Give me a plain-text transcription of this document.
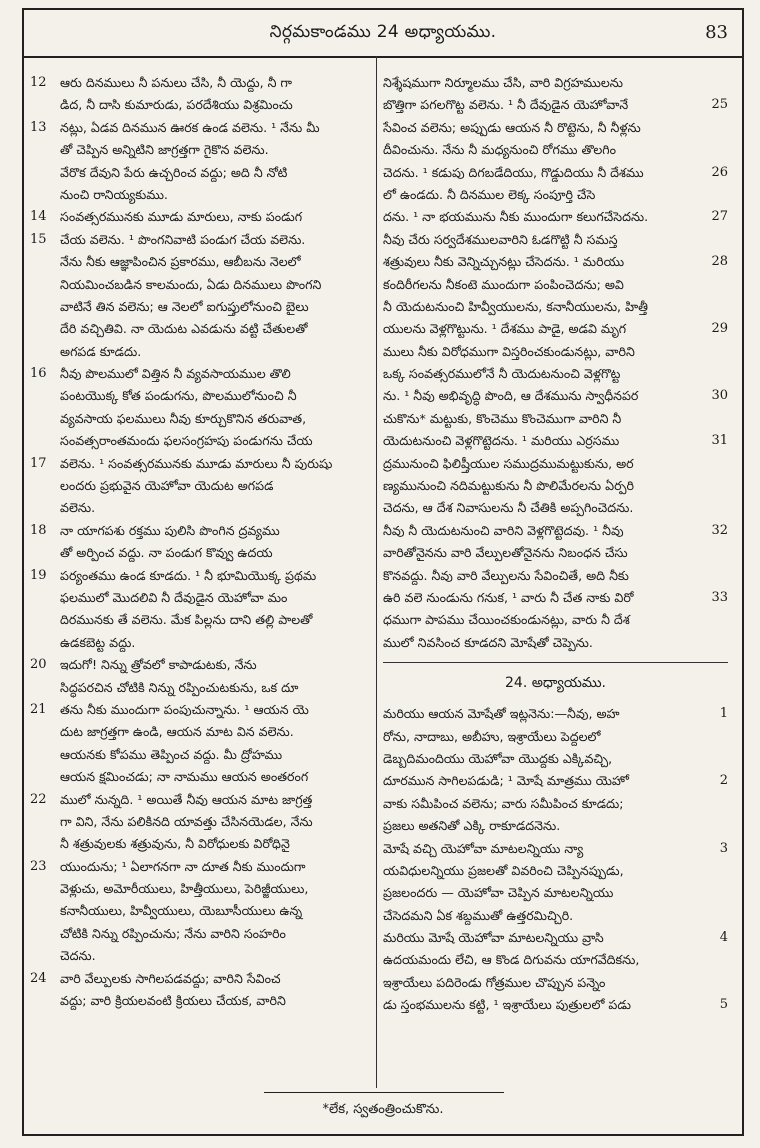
నిర్గమకాండము 24 అధ్యాయము.	83
12 ఆరు దినములు నీ పనులు చేసి, నీ యెద్దు, నీ గా
డిద, నీ దాసి కుమారుడు, పరదేశియు విశ్రమించు
13 నట్లు, ఏడవ దినమున ఊరక ఉండ వలెను. ¹ నేను మీ
తో చెప్పిన అన్నిటిని జాగ్రత్తగా గైకొన వలెను.
వేరొక దేవుని పేరు ఉచ్చరించ వద్దు; అది నీ నోటి
నుంచి రానియ్యకుము.
14 సంవత్సరమునకు మూడు మారులు, నాకు పండుగ
15 చేయ వలెను. ¹ పొంగనివాటి పండుగ చేయ వలెను.
నేను నీకు ఆజ్ఞాపించిన ప్రకారము, ఆబీబను నెలలో
నియమించబడిన కాలమందు, ఏడు దినములు పొంగని
వాటినే తిన వలెను; ఆ నెలలో ఐగుప్తులోనుంచి బైలు
దేరి వచ్చితివి. నా యెదుట ఎవడును వట్టి చేతులతో
అగపడ కూడదు.
16 నీవు పొలములో విత్తిన నీ వ్యవసాయముల తొలి
పంటయొక్క కోత పండుగను, పొలములోనుంచి నీ
వ్యవసాయ ఫలములు నీవు కూర్చుకొనిన తరువాత,
సంవత్సరాంతమందు ఫలసంగ్రహపు పండుగను చేయ
17 వలెను. ¹ సంవత్సరమునకు మూడు మారులు నీ పురుషు
లందరు ప్రభువైన యెహోవా యెదుట అగపడ
వలెను.
18 నా యాగపశు రక్తము పులిసి పొంగిన ద్రవ్యము
తో అర్పించ వద్దు. నా పండుగ కొవ్వు ఉదయ
19 పర్యంతము ఉండ కూడదు. ¹ నీ భూమియొక్క ప్రథమ
ఫలములో మొదలివి నీ దేవుడైన యెహోవా మం
దిరమునకు తే వలెను. మేక పిల్లను దాని తల్లి పాలతో
ఉడకబెట్ట వద్దు.
20 ఇదుగో! నిన్ను త్రోవలో కాపాడుటకు, నేను
సిద్ధపరచిన చోటికి నిన్ను రప్పించుటకును, ఒక దూ
21 తను నీకు ముందుగా పంపుచున్నాను. ¹ ఆయన యె
దుట జాగ్రత్తగా ఉండి, ఆయన మాట విన వలెను.
ఆయనకు కోపము తెప్పించ వద్దు. మీ ద్రోహము
ఆయన క్షమించడు; నా నామము ఆయన అంతరంగ
22 ములో నున్నది. ¹ అయితే నీవు ఆయన మాట జాగ్రత్త
గా విని, నేను పలికినది యావత్తు చేసినయెడల, నేను
నీ శత్రువులకు శత్రువును, నీ విరోధులకు విరోధినై
23 యుందును; ¹ ఏలాగనగా నా దూత నీకు ముందుగా
వెళ్లుచు, అమోరీయులు, హిత్తీయులు, పెరిజ్జీయులు,
కనానీయులు, హివ్వీయులు, యెబూసీయులు ఉన్న
చోటికి నిన్ను రప్పించును; నేను వారిని సంహరిం
చెదను.
24 వారి వేల్పులకు సాగిలపడవద్దు; వారిని సేవించ
వద్దు; వారి క్రియలవంటి క్రియలు చేయక, వారిని
నిశ్శేషముగా నిర్మూలము చేసి, వారి విగ్రహములను
25
బొత్తిగా పగలగొట్ట వలెను. ¹ నీ దేవుడైన యెహోవానే
సేవించ వలెను; అప్పుడు ఆయన నీ రొట్టెను, నీ నీళ్లను
దీవించును. నేను నీ మధ్యనుంచి రోగము తొలగిం
26
చెదను. ¹ కడుపు దిగబడేదియు, గొడ్డుదియు నీ దేశము
లో ఉండదు. నీ దినముల లెక్క సంపూర్తి చేసె
27
దను. ¹ నా భయమును నీకు ముందుగా కలుగచేసెదను.
నీవు చేరు సర్వదేశములవారిని ఓడగొట్టి నీ సమస్త
28
శత్రువులు నీకు వెన్నిచ్చునట్లు చేసెదను. ¹ మరియు
కందిరీగలను నీకంటె ముందుగా పంపించెదను; అవి
నీ యెదుటనుంచి హివ్వీయులను, కనానీయులను, హిత్తీ
29
యులను వెళ్లగొట్టును. ¹ దేశము పాడై, అడవి మృగ
ములు నీకు విరోధముగా విస్తరించకుండునట్లు, వారిని
ఒక్క సంవత్సరములోనే నీ యెదుటనుంచి వెళ్లగొట్ట
30
ను. ¹ నీవు అభివృద్ధి పొంది, ఆ దేశమును స్వాధీనపర
చుకొను* మట్టుకు, కొంచెము కొంచెముగా వారిని నీ
31
యెదుటనుంచి వెళ్లగొట్టెదను. ¹ మరియు ఎర్రసము
ద్రమునుంచి ఫిలిష్తీయుల సముద్రముమట్టుకును, అర
ణ్యమునుంచి నదిమట్టుకును నీ పొలిమేరలను ఏర్పరి
చెదను, ఆ దేశ నివాసులను నీ చేతికి అప్పగించెదను.
32
నీవు నీ యెదుటనుంచి వారిని వెళ్లగొట్టెదవు. ¹ నీవు
వారితోనైనను వారి వేల్పులతోనైనను నిబంధన చేసు
కొనవద్దు. నీవు వారి వేల్పులను సేవించితే, అది నీకు
33
ఉరి వలె నుండును గనుక, ¹ వారు నీ చేత నాకు విరో
ధముగా పాపము చేయించకుండునట్లు, వారు నీ దేశ
ములో నివసించ కూడదని మోషేతో చెప్పెను.
24. అధ్యాయము.
1
మరియు ఆయన మోషేతో ఇట్లనెను:—నీవు, అహ
రోను, నాదాబు, అబీహు, ఇశ్రాయేలు పెద్దలలో
డెబ్బదిమందియు యెహోవా యొద్దకు ఎక్కివచ్చి,
2
దూరమున సాగిలపడుడి; ¹ మోషే మాత్రము యెహో
వాకు సమీపించ వలెను; వారు సమీపించ కూడదు;
ప్రజలు అతనితో ఎక్కి రాకూడదనెను.
3
మోషే వచ్చి యెహోవా మాటలన్నియు న్యా
యవిధులన్నియు ప్రజలతో వివరించి చెప్పినప్పుడు,
ప్రజలందరు — యెహోవా చెప్పిన మాటలన్నియు
చేసెదమని ఏక శబ్దముతో ఉత్తరమిచ్చిరి.
4
మరియు మోషే యెహోవా మాటలన్నియు వ్రాసి
ఉదయమందు లేచి, ఆ కొండ దిగువను యాగవేదికను,
ఇశ్రాయేలు పదిరెండు గోత్రముల చొప్పున పన్నెం
5
డు స్తంభములను కట్టి, ¹ ఇశ్రాయేలు పుత్రులలో పడు
*లేక, స్వతంత్రించుకొను.
